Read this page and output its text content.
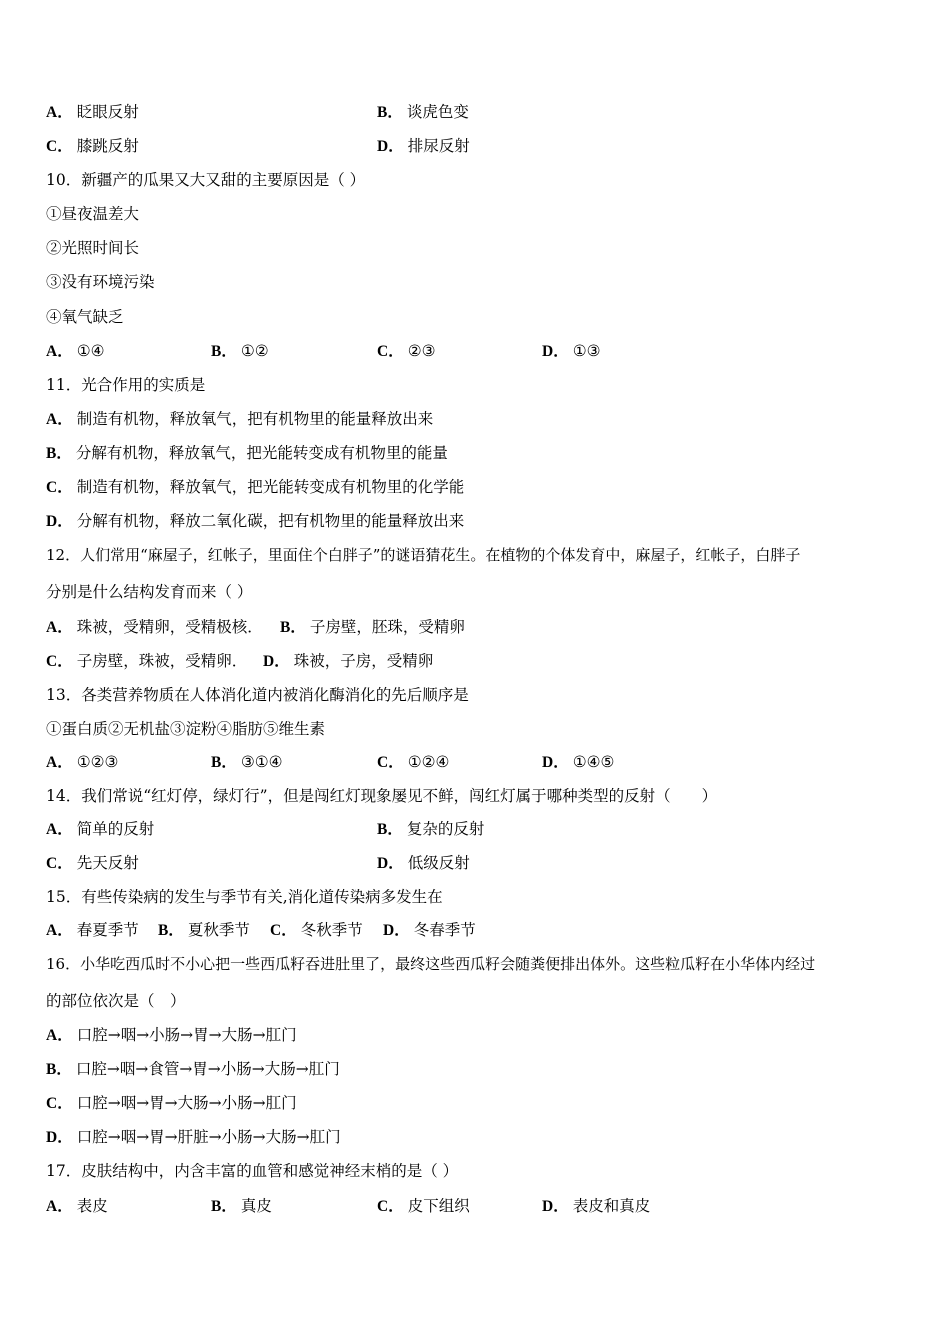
A． 眨眼反射	B． 谈虎色变
C． 膝跳反射	D． 排尿反射
10．新疆产的瓜果又大又甜的主要原因是（ ）
①昼夜温差大
②光照时间长
③没有环境污染
④氧气缺乏
A． ①④	B． ①②	C． ②③	D． ①③
11．光合作用的实质是
A． 制造有机物，释放氧气，把有机物里的能量释放出来
B． 分解有机物，释放氧气，把光能转变成有机物里的能量
C． 制造有机物，释放氧气，把光能转变成有机物里的化学能
D． 分解有机物，释放二氧化碳，把有机物里的能量释放出来
12．人们常用“麻屋子，红帐子，里面住个白胖子”的谜语猜花生。在植物的个体发育中，麻屋子，红帐子，白胖子
分别是什么结构发育而来（ ）
A． 珠被，受精卵，受精极核． B． 子房壁，胚珠，受精卵
C． 子房壁，珠被，受精卵． D． 珠被，子房，受精卵
13．各类营养物质在人体消化道内被消化酶消化的先后顺序是
①蛋白质②无机盐③淀粉④脂肪⑤维生素
A． ①②③	B． ③①④	C． ①②④	D． ①④⑤
14．我们常说“红灯停，绿灯行”，但是闯红灯现象屡见不鲜，闯红灯属于哪种类型的反射（　　）
A． 简单的反射	B． 复杂的反射
C． 先天反射	D． 低级反射
15．有些传染病的发生与季节有关,消化道传染病多发生在
A． 春夏季节 B． 夏秋季节 C． 冬秋季节 D． 冬春季节
16．小华吃西瓜时不小心把一些西瓜籽吞进肚里了，最终这些西瓜籽会随粪便排出体外。这些粒瓜籽在小华体内经过
的部位依次是（　）
A． 口腔→咽→小肠→胃→大肠→肛门
B． 口腔→咽→食管→胃→小肠→大肠→肛门
C． 口腔→咽→胃→大肠→小肠→肛门
D． 口腔→咽→胃→肝脏→小肠→大肠→肛门
17．皮肤结构中，内含丰富的血管和感觉神经末梢的是（ ）
A． 表皮	B． 真皮	C． 皮下组织	D． 表皮和真皮
